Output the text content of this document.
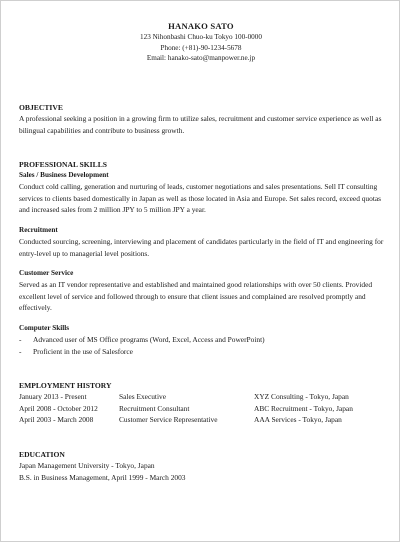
HANAKO SATO
123 Nihonbashi Chuo-ku Tokyo 100-0000
Phone: (+81)-90-1234-5678
Email: hanako-sato@manpower.ne.jp
OBJECTIVE

A professional seeking a position in a growing firm to utilize sales, recruitment and customer service experience as well as bilingual capabilities and contribute to business growth.

PROFESSIONAL SKILLS
Sales / Business Development

Conduct cold calling, generation and nurturing of leads, customer negotiations and sales presentations. Sell IT consulting services to clients based domestically in Japan as well as those located in Asia and Europe. Set sales record, exceed quotas and increased sales from 2 million JPY to 5 million JPY a year.

Recruitment

Conducted sourcing, screening, interviewing and placement of candidates particularly in the field of IT and engineering for entry-level up to managerial level positions.

Customer Service

Served as an IT vendor representative and established and maintained good relationships with over 50 clients. Provided excellent level of service and followed through to ensure that client issues and complained are resolved promptly and effectively.

Computer Skills
-	Advanced user of MS Office programs (Word, Excel, Access and PowerPoint)
-	Proficient in the use of Salesforce
EMPLOYMENT HISTORY
January 2013 - Present	Sales Executive	XYZ Consulting - Tokyo, Japan
April 2008 - October 2012	Recruitment Consultant	ABC Recruitment - Tokyo, Japan
April 2003 - March 2008	Customer Service Representative	AAA Services - Tokyo, Japan
EDUCATION

Japan Management University - Tokyo, Japan

B.S. in Business Management, April 1999 - March 2003
